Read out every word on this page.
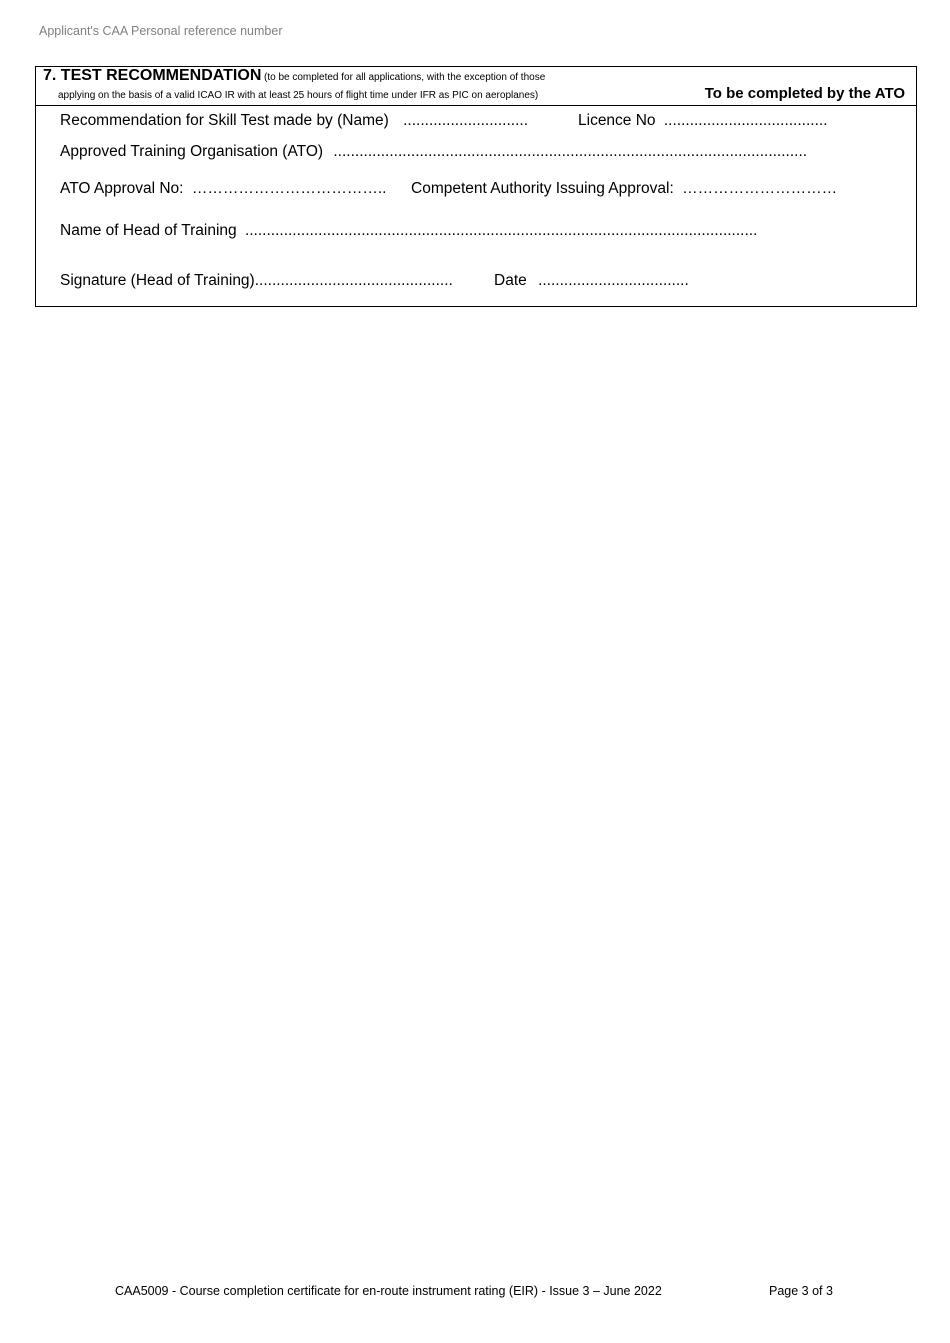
Applicant's CAA Personal reference number
7. TEST RECOMMENDATION (to be completed for all applications, with the exception of those
applying on the basis of a valid ICAO IR with at least 25 hours of flight time under IFR as PIC on aeroplanes)	To be completed by the ATO
Recommendation for Skill Test made by (Name) .............................	Licence No ......................................
Approved Training Organisation (ATO) ..............................................................................................................
ATO Approval No: ……………………………….. Competent Authority Issuing Approval: …………………………
Name of Head of Training .......................................................................................................................
Signature (Head of Training)..............................................	Date ...................................
CAA5009 - Course completion certificate for en-route instrument rating (EIR) - Issue 3 – June 2022	Page 3 of 3
